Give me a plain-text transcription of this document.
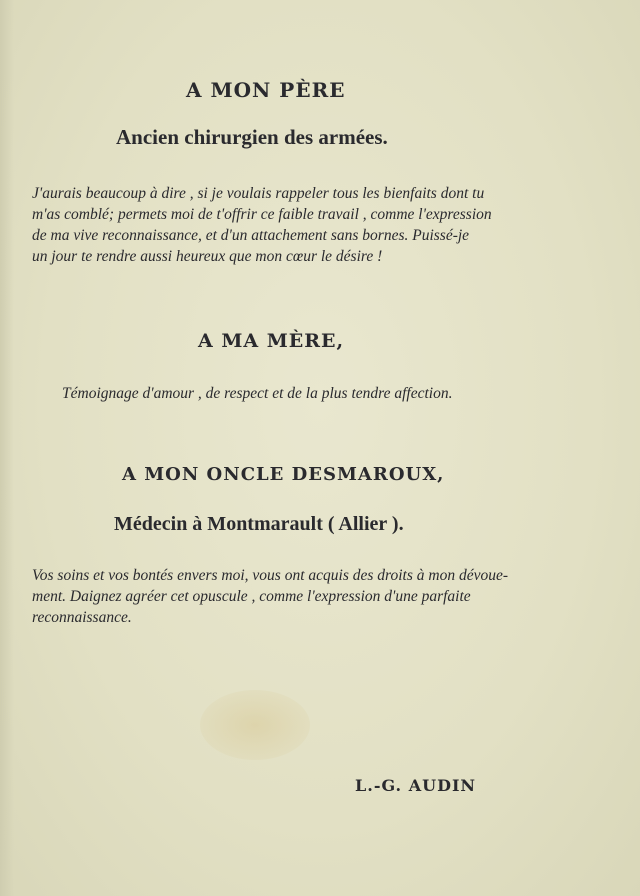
A MON PÈRE
Ancien chirurgien des armées.
J'aurais beaucoup à dire , si je voulais rappeler tous les bienfaits dont tu
m'as comblé; permets moi de t'offrir ce faible travail , comme l'expression
de ma vive reconnaissance, et d'un attachement sans bornes. Puissé-je
un jour te rendre aussi heureux que mon cœur le désire !
A MA MÈRE,
Témoignage d'amour , de respect et de la plus tendre affection.
A MON ONCLE DESMAROUX,
Médecin à Montmarault ( Allier ).
Vos soins et vos bontés envers moi, vous ont acquis des droits à mon dévoue-
ment. Daignez agréer cet opuscule , comme l'expression d'une parfaite
reconnaissance.
L.-G. AUDIN
